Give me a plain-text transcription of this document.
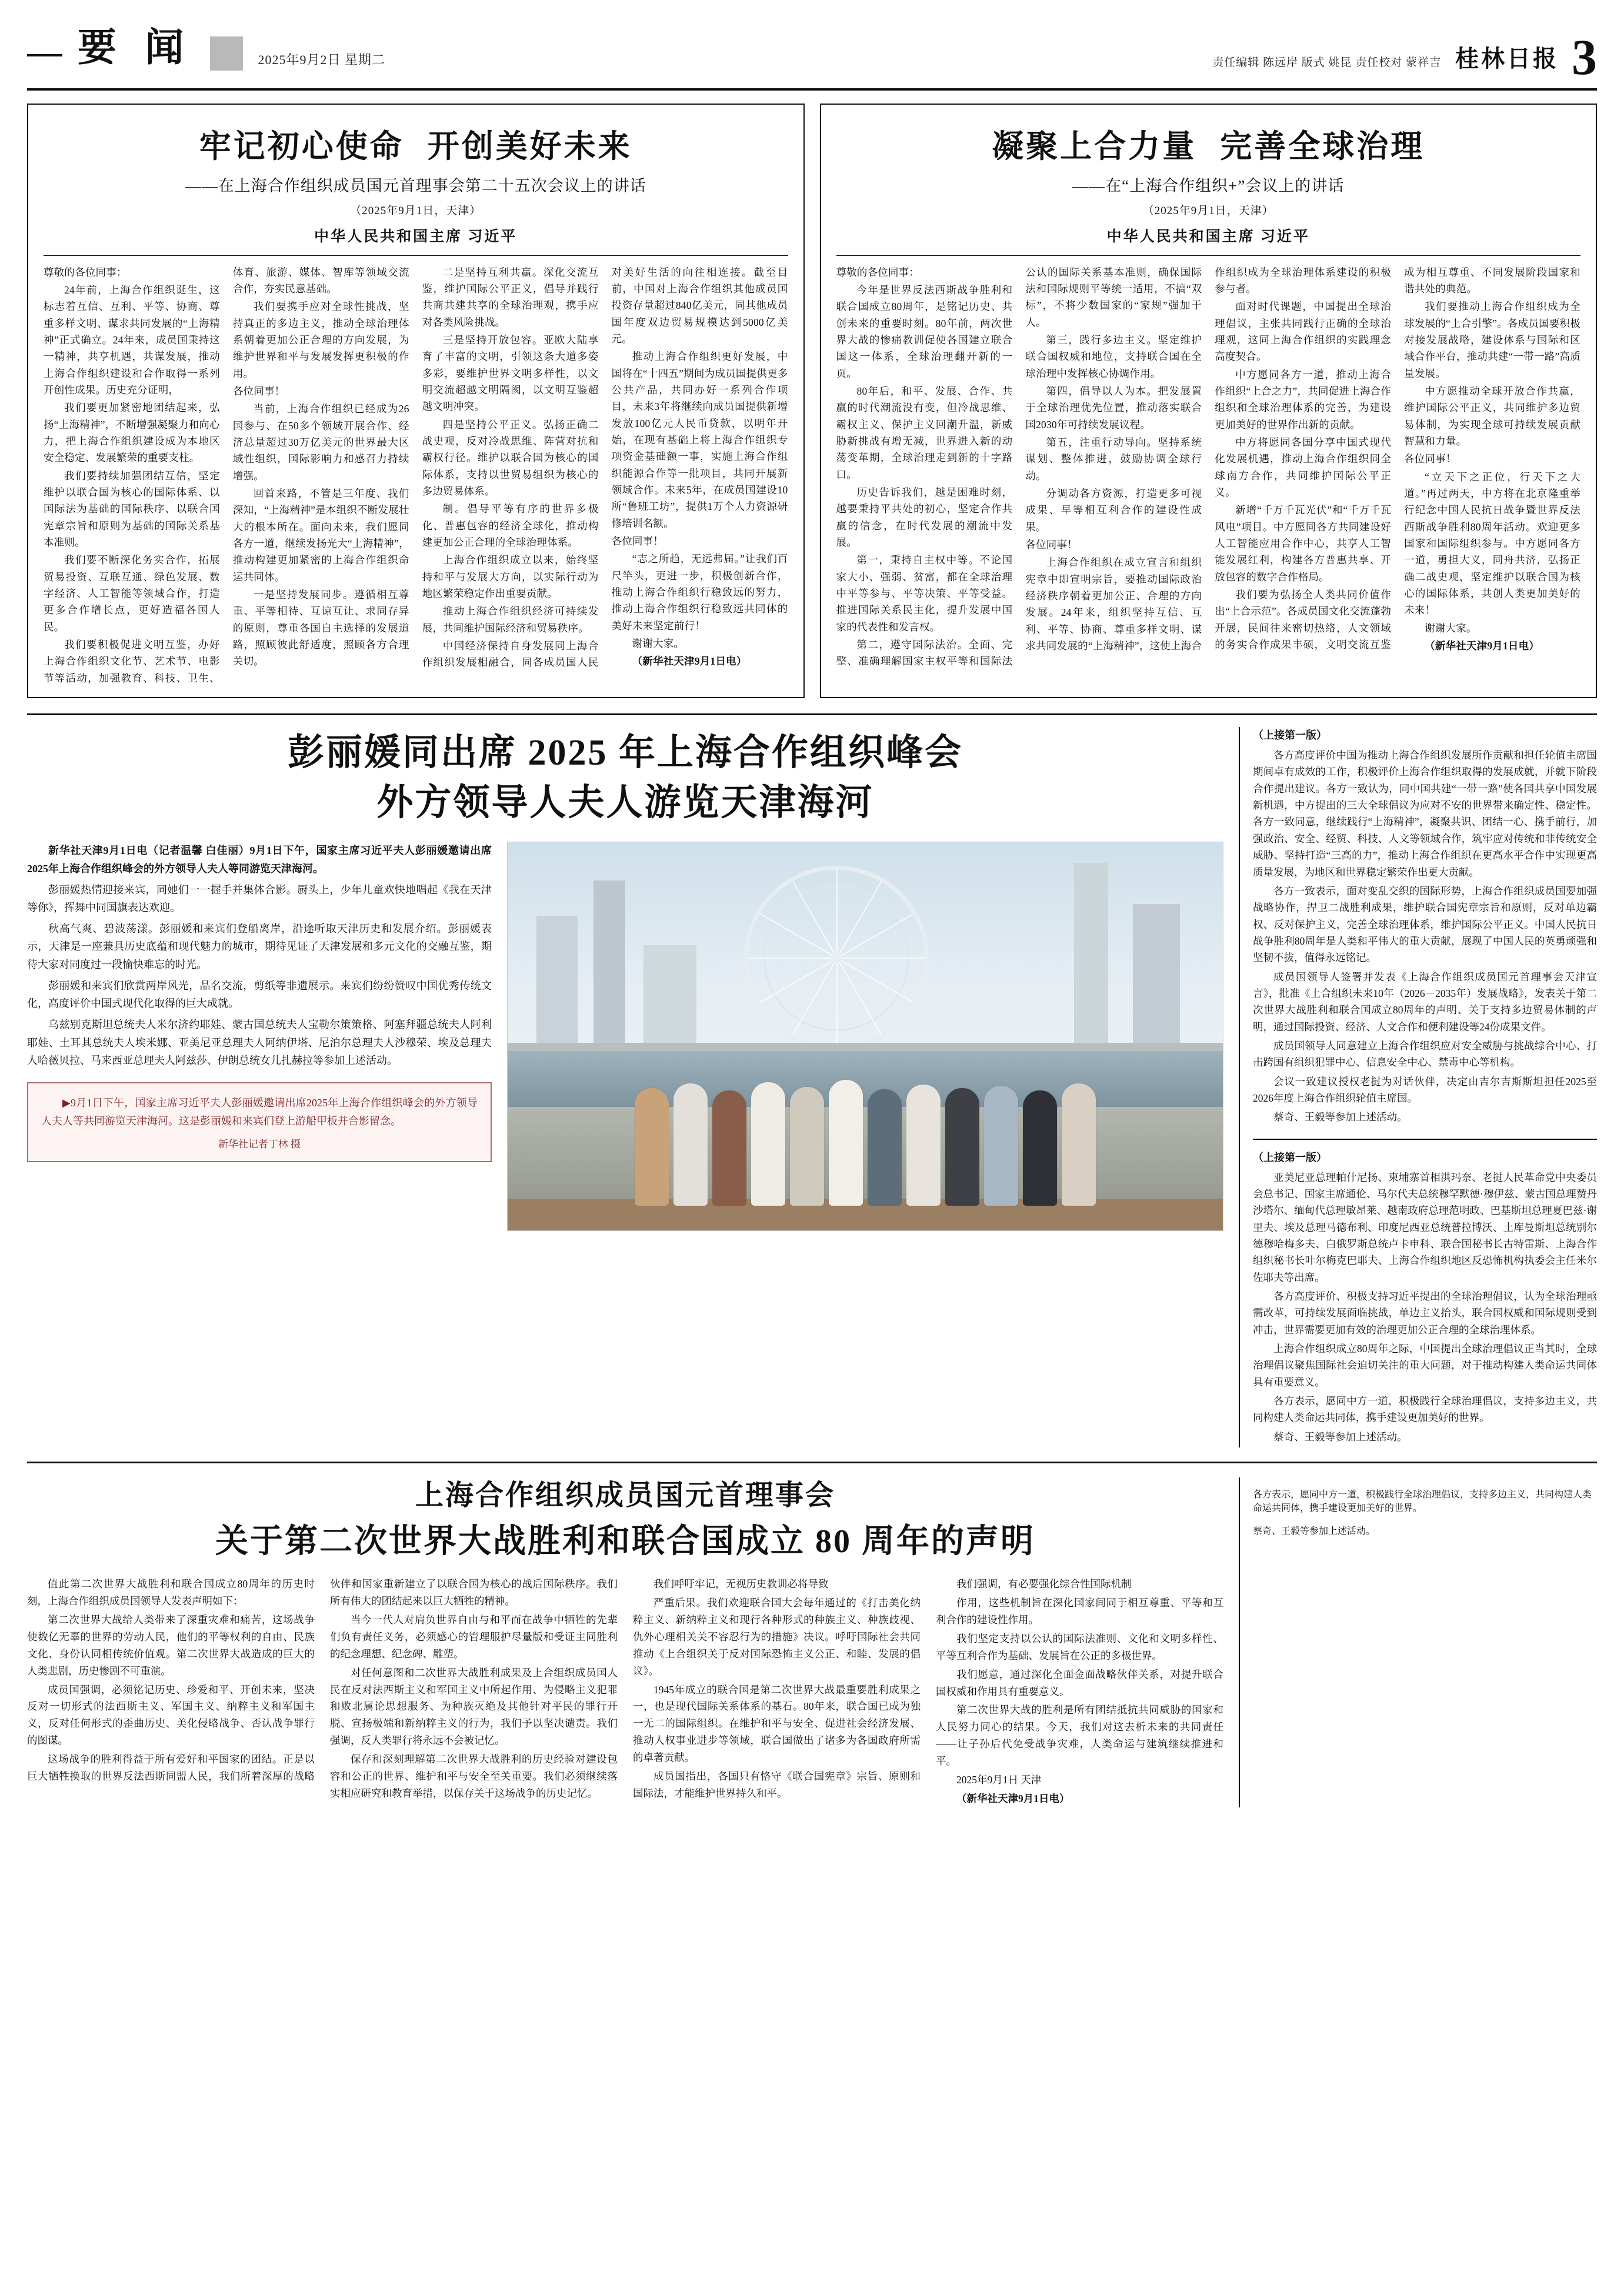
要 闻	2025年9月2日 星期二	责任编辑 陈远岸 版式 姚昆 责任校对 蒙祥吉 桂林日报 3
牢记初心使命 开创美好未来
——在上海合作组织成员国元首理事会第二十五次会议上的讲话
（2025年9月1日，天津）
中华人民共和国主席 习近平

尊敬的各位同事：

24年前，上海合作组织诞生，这标志着互信、互利、平等、协商、尊重多样文明、谋求共同发展的“上海精神”正式确立。24年来，成员国秉持这一精神，共享机遇，共谋发展，推动上海合作组织建设和合作取得一系列开创性成果。历史充分证明，

我们要更加紧密地团结起来，弘扬“上海精神”，不断增强凝聚力和向心力，把上海合作组织建设成为本地区安全稳定、发展繁荣的重要支柱。

我们要持续加强团结互信，坚定维护以联合国为核心的国际体系、以国际法为基础的国际秩序、以联合国宪章宗旨和原则为基础的国际关系基本准则。

我们要不断深化务实合作，拓展贸易投资、互联互通、绿色发展、数字经济、人工智能等领域合作，打造更多合作增长点，更好造福各国人民。

我们要积极促进文明互鉴，办好上海合作组织文化节、艺术节、电影节等活动，加强教育、科技、卫生、体育、旅游、媒体、智库等领域交流合作，夯实民意基础。

我们要携手应对全球性挑战，坚持真正的多边主义，推动全球治理体系朝着更加公正合理的方向发展，为维护世界和平与发展发挥更积极的作用。

各位同事！

当前，上海合作组织已经成为26国参与、在50多个领域开展合作、经济总量超过30万亿美元的世界最大区域性组织，国际影响力和感召力持续增强。

回首来路，不管是三年度、我们深知，“上海精神”是本组织不断发展壮大的根本所在。面向未来，我们愿同各方一道，继续发扬光大“上海精神”，推动构建更加紧密的上海合作组织命运共同体。

一是坚持发展同步。遵循相互尊重、平等相待、互谅互让、求同存异的原则，尊重各国自主选择的发展道路，照顾彼此舒适度，照顾各方合理关切。

二是坚持互利共赢。深化交流互鉴，维护国际公平正义，倡导并践行共商共建共享的全球治理观，携手应对各类风险挑战。

三是坚持开放包容。亚欧大陆享育了丰富的文明，引领这条大道多姿多彩，要维护世界文明多样性，以文明交流超越文明隔阂，以文明互鉴超越文明冲突。

四是坚持公平正义。弘扬正确二战史观，反对冷战思维、阵营对抗和霸权行径。维护以联合国为核心的国际体系，支持以世贸易组织为核心的多边贸易体系。

制。倡导平等有序的世界多极化、普惠包容的经济全球化，推动构建更加公正合理的全球治理体系。

上海合作组织成立以来，始终坚持和平与发展大方向，以实际行动为地区繁荣稳定作出重要贡献。

推动上海合作组织经济可持续发展，共同维护国际经济和贸易秩序。

中国经济保持自身发展同上海合作组织发展相融合，同各成员国人民对美好生活的向往相连接。截至目前，中国对上海合作组织其他成员国投资存量超过840亿美元，同其他成员国年度双边贸易规模达到5000亿美元。

推动上海合作组织更好发展，中国将在“十四五”期间为成员国提供更多公共产品，共同办好一系列合作项目，未来3年将继续向成员国提供新增发放100亿元人民币贷款，以明年开始，在现有基础上将上海合作组织专项资金基础额一事，实施上海合作组织能源合作等一批项目，共同开展新领域合作。未来5年，在成员国建设10所“鲁班工坊”，提供1万个人力资源研修培训名额。

各位同事！

“志之所趋，无远弗届。”让我们百尺竿头，更进一步，积极创新合作，推动上海合作组织行稳致远的努力，推动上海合作组织行稳致远共同体的美好未来坚定前行！

谢谢大家。

（新华社天津9月1日电）

凝聚上合力量 完善全球治理
——在“上海合作组织+”会议上的讲话
（2025年9月1日，天津）
中华人民共和国主席 习近平

尊敬的各位同事：

今年是世界反法西斯战争胜利和联合国成立80周年，是铭记历史、共创未来的重要时刻。80年前，两次世界大战的惨痛教训促使各国建立联合国这一体系，全球治理翻开新的一页。

80年后，和平、发展、合作、共赢的时代潮流没有变，但冷战思维、霸权主义、保护主义回潮升温，新威胁新挑战有增无减，世界进入新的动荡变革期，全球治理走到新的十字路口。

历史告诉我们，越是困难时刻，越要秉持平共处的初心，坚定合作共赢的信念，在时代发展的潮流中发展。

第一，秉持自主权中等。不论国家大小、强弱、贫富，都在全球治理中平等参与、平等决策、平等受益。推进国际关系民主化，提升发展中国家的代表性和发言权。

第二，遵守国际法治。全面、完整、准确理解国家主权平等和国际法公认的国际关系基本准则，确保国际法和国际规则平等统一适用，不搞“双标”，不将少数国家的“家规”强加于人。

第三，践行多边主义。坚定维护联合国权威和地位，支持联合国在全球治理中发挥核心协调作用。

第四，倡导以人为本。把发展置于全球治理优先位置，推动落实联合国2030年可持续发展议程。

第五，注重行动导向。坚持系统谋划、整体推进，鼓励协调全球行动。

分调动各方资源，打造更多可视成果、早等相互利合作的建设性成果。

各位同事！

上海合作组织在成立宣言和组织宪章中即宣明宗旨，要推动国际政治经济秩序朝着更加公正、合理的方向发展。24年来，组织坚持互信、互利、平等、协商、尊重多样文明、谋求共同发展的“上海精神”，这使上海合作组织成为全球治理体系建设的积极参与者。

面对时代课题，中国提出全球治理倡议，主张共同践行正确的全球治理观，这同上海合作组织的实践理念高度契合。

中方愿同各方一道，推动上海合作组织“上合之力”，共同促进上海合作组织和全球治理体系的完善，为建设更加美好的世界作出新的贡献。

中方将愿同各国分享中国式现代化发展机遇，推动上海合作组织同全球南方合作，共同维护国际公平正义。

新增“千万千瓦光伏”和“千万千瓦风电”项目。中方愿同各方共同建设好人工智能应用合作中心，共享人工智能发展红利，构建各方普惠共享、开放包容的数字合作格局。

我们要为弘扬全人类共同价值作出“上合示范”。各成员国文化交流蓬勃开展，民间往来密切热络，人文领域的务实合作成果丰硕，文明交流互鉴成为相互尊重、不同发展阶段国家和谐共处的典范。

我们要推动上海合作组织成为全球发展的“上合引擎”。各成员国要积极对接发展战略，建设体系与国际和区域合作平台，推动共建“一带一路”高质量发展。

中方愿推动全球开放合作共赢，维护国际公平正义，共同维护多边贸易体制，为实现全球可持续发展贡献智慧和力量。

各位同事！

“立天下之正位，行天下之大道。”再过两天，中方将在北京隆重举行纪念中国人民抗日战争暨世界反法西斯战争胜利80周年活动。欢迎更多国家和国际组织参与。中方愿同各方一道，勇担大义，同舟共济，弘扬正确二战史观，坚定维护以联合国为核心的国际体系，共创人类更加美好的未来！

谢谢大家。

（新华社天津9月1日电）

彭丽媛同出席 2025 年上海合作组织峰会
外方领导人夫人游览天津海河

新华社天津9月1日电（记者温馨 白佳丽）9月1日下午，国家主席习近平夫人彭丽媛邀请出席2025年上海合作组织峰会的外方领导人夫人等同游览天津海河。

彭丽媛热情迎接来宾，同她们一一握手并集体合影。厨头上，少年儿童欢快地唱起《我在天津等你》，挥舞中同国旗表达欢迎。

秋高气爽、碧波荡漾。彭丽媛和来宾们登船离岸，沿途听取天津历史和发展介绍。彭丽媛表示，天津是一座兼具历史底蕴和现代魅力的城市，期待见证了天津发展和多元文化的交融互鉴，期待大家对同度过一段愉快难忘的时光。

彭丽媛和来宾们欣赏两岸风光，品名交流，剪纸等非遗展示。来宾们纷纷赞叹中国优秀传统文化，高度评价中国式现代化取得的巨大成就。

乌兹别克斯坦总统夫人米尔济约耶娃、蒙古国总统夫人宝勒尔策策格、阿塞拜疆总统夫人阿利耶娃、土耳其总统夫人埃米娜、亚美尼亚总理夫人阿纳伊塔、尼泊尔总理夫人沙穆荣、埃及总理夫人哈薇贝拉、马来西亚总理夫人阿兹莎、伊朗总统女儿扎赫拉等参加上述活动。

▶9月1日下午，国家主席习近平夫人彭丽媛邀请出席2025年上海合作组织峰会的外方领导人夫人等共同游览天津海河。这是彭丽媛和来宾们登上游船甲板并合影留念。

新华社记者丁林 摄
（上接第一版）

各方高度评价中国为推动上海合作组织发展所作贡献和担任轮值主席国期间卓有成效的工作，积极评价上海合作组织取得的发展成就，并就下阶段合作提出建议。各方一致认为，同中国共建“一带一路”使各国共享中国发展新机遇，中方提出的三大全球倡议为应对不安的世界带来确定性、稳定性。各方一致同意，继续践行“上海精神”，凝聚共识、团结一心、携手前行，加强政治、安全、经贸、科技、人文等领域合作，筑牢应对传统和非传统安全威胁、坚持打造“三高的力”，推动上海合作组织在更高水平合作中实现更高质量发展，为地区和世界稳定繁荣作出更大贡献。

各方一致表示，面对变乱交织的国际形势，上海合作组织成员国要加强战略协作，捍卫二战胜利成果，维护联合国宪章宗旨和原则，反对单边霸权、反对保护主义，完善全球治理体系，维护国际公平正义。中国人民抗日战争胜利80周年是人类和平伟大的重大贡献，展现了中国人民的英勇顽强和坚韧不拔，值得永远铭记。

成员国领导人签署并发表《上海合作组织成员国元首理事会天津宣言》，批准《上合组织未来10年（2026－2035年）发展战略》，发表关于第二次世界大战胜利和联合国成立80周年的声明、关于支持多边贸易体制的声明，通过国际投资、经济、人文合作和便利建设等24份成果文件。

成员国领导人同意建立上海合作组织应对安全威胁与挑战综合中心、打击跨国有组织犯罪中心、信息安全中心、禁毒中心等机构。

会议一致建议授权老挝为对话伙伴，决定由吉尔吉斯斯坦担任2025至2026年度上海合作组织轮值主席国。

蔡奇、王毅等参加上述活动。

（上接第一版）

亚美尼亚总理帕什尼扬、柬埔寨首相洪玛奈、老挝人民革命党中央委员会总书记、国家主席通伦、马尔代夫总统穆罕默德·穆伊兹、蒙古国总理赞丹沙塔尔、缅甸代总理敏昂莱、越南政府总理范明政、巴基斯坦总理夏巴兹·谢里夫、埃及总理马德布利、印度尼西亚总统普拉博沃、土库曼斯坦总统别尔德穆哈梅多夫、白俄罗斯总统卢卡申科、联合国秘书长古特雷斯、上海合作组织秘书长叶尔梅克巴耶夫、上海合作组织地区反恐怖机构执委会主任米尔佐耶夫等出席。

各方高度评价、积极支持习近平提出的全球治理倡议，认为全球治理亟需改革，可持续发展面临挑战，单边主义抬头，联合国权威和国际规则受到冲击，世界需要更加有效的治理更加公正合理的全球治理体系。

上海合作组织成立80周年之际，中国提出全球治理倡议正当其时，全球治理倡议聚焦国际社会迫切关注的重大问题，对于推动构建人类命运共同体具有重要意义。

各方表示，愿同中方一道，积极践行全球治理倡议，支持多边主义，共同构建人类命运共同体，携手建设更加美好的世界。

蔡奇、王毅等参加上述活动。

上海合作组织成员国元首理事会
关于第二次世界大战胜利和联合国成立 80 周年的声明

值此第二次世界大战胜利和联合国成立80周年的历史时刻，上海合作组织成员国领导人发表声明如下：

第二次世界大战给人类带来了深重灾难和痛苦，这场战争使数亿无辜的世界的劳动人民，他们的平等权利的自由、民族文化、身份认同相传统价值观。第二次世界大战造成的巨大的人类悲剧，历史惨剧不可重演。

成员国强调，必须铭记历史、珍爱和平、开创未来，坚决反对一切形式的法西斯主义、军国主义、纳粹主义和军国主义，反对任何形式的歪曲历史、美化侵略战争、否认战争罪行的图谋。

这场战争的胜利得益于所有爱好和平国家的团结。正是以巨大牺牲换取的世界反法西斯同盟人民，我们所着深厚的战略伙伴和国家重新建立了以联合国为核心的战后国际秩序。我们所有伟大的团结起来以巨大牺牲的精神。

当今一代人对肩负世界自由与和平而在战争中牺牲的先辈们负有责任义务，必须感心的管理服护尽量版和受证主同胜利的纪念理想、纪念碑、雕塑。

对任何意图和二次世界大战胜利成果及上合组织成员国人民在反对法西斯主义和军国主义中所起作用、为侵略主义犯罪和败北属论思想服务、为种族灭绝及其他针对平民的罪行开脱、宣扬极端和新纳粹主义的行为，我们予以坚决谴责。我们强调，反人类罪行将永远不会被记忆。

保存和深刻理解第二次世界大战胜利的历史经验对建设包容和公正的世界、维护和平与安全至关重要。我们必须继续落实相应研究和教育举措，以保存关于这场战争的历史记忆。

我们呼吁牢记，无视历史教训必将导致

严重后果。我们欢迎联合国大会每年通过的《打击美化纳粹主义、新纳粹主义和现行各种形式的种族主义、种族歧视、仇外心理相关关不容忍行为的措施》决议。呼吁国际社会共同推动《上合组织关于反对国际恐怖主义公正、和睦、发展的倡议》。

1945年成立的联合国是第二次世界大战最重要胜利成果之一，也是现代国际关系体系的基石。80年来，联合国已成为独一无二的国际组织。在维护和平与安全、促进社会经济发展、推动人权事业进步等领域，联合国做出了诸多为各国政府所需的卓著贡献。

成员国指出，各国只有恪守《联合国宪章》宗旨、原则和国际法，才能维护世界持久和平。

我们强调，有必要强化综合性国际机制

作用，这些机制旨在深化国家间同于相互尊重、平等和互利合作的建设性作用。

我们坚定支持以公认的国际法准则、文化和文明多样性、平等互利合作为基础、发展旨在公正的多极世界。

我们愿意，通过深化全面金面战略伙伴关系，对提升联合国权威和作用具有重要意义。

第二次世界大战的胜利是所有团结抵抗共同威胁的国家和人民努力同心的结果。今天，我们对这去析未来的共同责任——让子孙后代免受战争灾难，人类命运与建筑继续推进和平。

2025年9月1日 天津

（新华社天津9月1日电）

各方表示，愿同中方一道，积极践行全球治理倡议，支持多边主义，共同构建人类命运共同体，携手建设更加美好的世界。

蔡奇、王毅等参加上述活动。
